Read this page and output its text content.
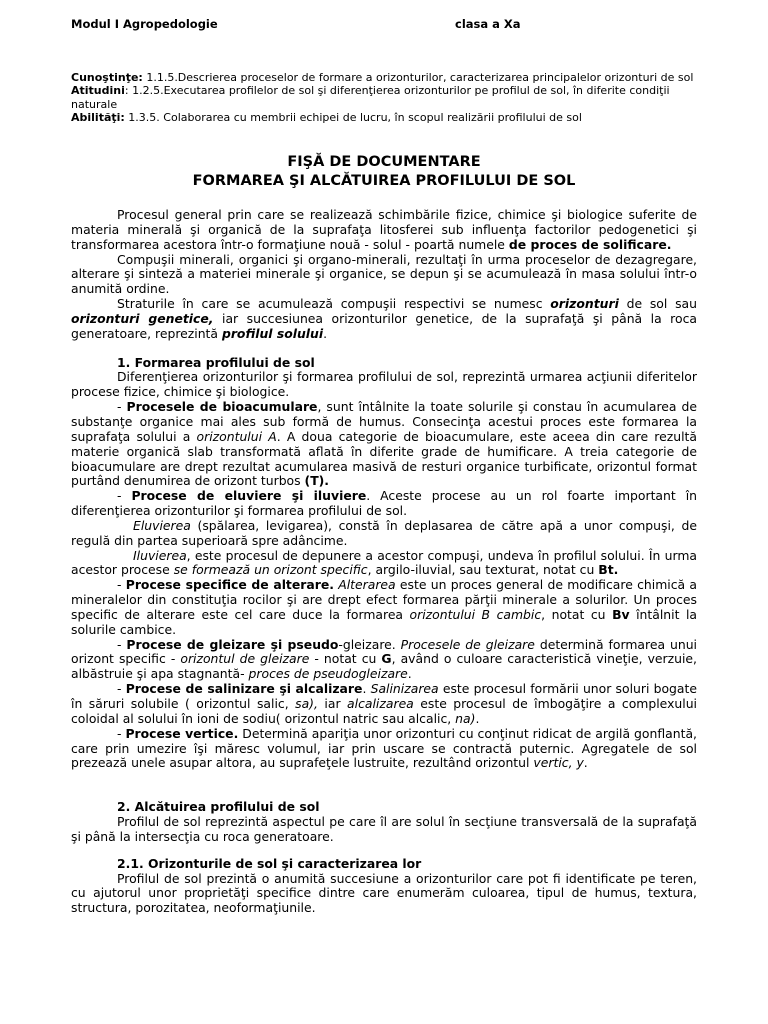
Modul I Agropedologie	clasa a Xa

Cunoştinţe: 1.1.5.Descrierea proceselor de formare a orizonturilor, caracterizarea principalelor orizonturi de sol

Atitudini: 1.2.5.Executarea profilelor de sol şi diferenţierea orizonturilor pe profilul de sol, în diferite condiţii naturale

Abilităţi: 1.3.5. Colaborarea cu membrii echipei de lucru, în scopul realizării profilului de sol

FIŞĂ DE DOCUMENTARE
FORMAREA ŞI ALCĂTUIREA PROFILULUI DE SOL

Procesul general prin care se realizează schimbările fizice, chimice şi biologice suferite de materia minerală şi organică de la suprafaţa litosferei sub influenţa factorilor pedogenetici şi transformarea acestora într-o formaţiune nouă - solul - poartă numele de proces de solificare.

Compuşii minerali, organici şi organo-minerali, rezultaţi în urma proceselor de dezagregare, alterare şi sinteză a materiei minerale şi organice, se depun şi se acumulează în masa solului într-o anumită ordine.

Straturile în care se acumulează compuşii respectivi se numesc orizonturi de sol sau orizonturi genetice, iar succesiunea orizonturilor genetice, de la suprafaţă şi până la roca generatoare, reprezintă profilul solului.

1. Formarea profilului de sol

Diferenţierea orizonturilor şi formarea profilului de sol, reprezintă urmarea acţiunii diferitelor procese fizice, chimice şi biologice.

- Procesele de bioacumulare, sunt întâlnite la toate solurile şi constau în acumularea de substanţe organice mai ales sub formă de humus. Consecinţa acestui proces este formarea la suprafaţa solului a orizontului A. A doua categorie de bioacumulare, este aceea din care rezultă materie organică slab transformată aflată în diferite grade de humificare. A treia categorie de bioacumulare are drept rezultat acumularea masivă de resturi organice turbificate, orizontul format purtând denumirea de orizont turbos (T).

- Procese de eluviere şi iluviere. Aceste procese au un rol foarte important în diferenţierea orizonturilor şi formarea profilului de sol.

Eluvierea (spălarea, levigarea), constă în deplasarea de către apă a unor compuşi, de regulă din partea superioară spre adâncime.

Iluvierea, este procesul de depunere a acestor compuşi, undeva în profilul solului. În urma acestor procese se formează un orizont specific, argilo-iluvial, sau texturat, notat cu Bt.

- Procese specifice de alterare. Alterarea este un proces general de modificare chimică a mineralelor din constituţia rocilor şi are drept efect formarea părţii minerale a solurilor. Un proces specific de alterare este cel care duce la formarea orizontului B cambic, notat cu Bv întâlnit la solurile cambice.

- Procese de gleizare şi pseudo-gleizare. Procesele de gleizare determină formarea unui orizont specific - orizontul de gleizare - notat cu G, având o culoare caracteristică vineţie, verzuie, albăstruie şi apa stagnantă- proces de pseudogleizare.

- Procese de salinizare şi alcalizare. Salinizarea este procesul formării unor soluri bogate în săruri solubile ( orizontul salic, sa), iar alcalizarea este procesul de îmbogăţire a complexului coloidal al solului în ioni de sodiu( orizontul natric sau alcalic, na).

- Procese vertice. Determină apariţia unor orizonturi cu conţinut ridicat de argilă gonflantă, care prin umezire îşi măresc volumul, iar prin uscare se contractă puternic. Agregatele de sol prezează unele asupar altora, au suprafeţele lustruite, rezultând orizontul vertic, y.

2. Alcătuirea profilului de sol

Profilul de sol reprezintă aspectul pe care îl are solul în secţiune transversală de la suprafaţă şi până la intersecţia cu roca generatoare.

2.1. Orizonturile de sol şi caracterizarea lor

Profilul de sol prezintă o anumită succesiune a orizonturilor care pot fi identificate pe teren, cu ajutorul unor proprietăţi specifice dintre care enumerăm culoarea, tipul de humus, textura, structura, porozitatea, neoformaţiunile.
